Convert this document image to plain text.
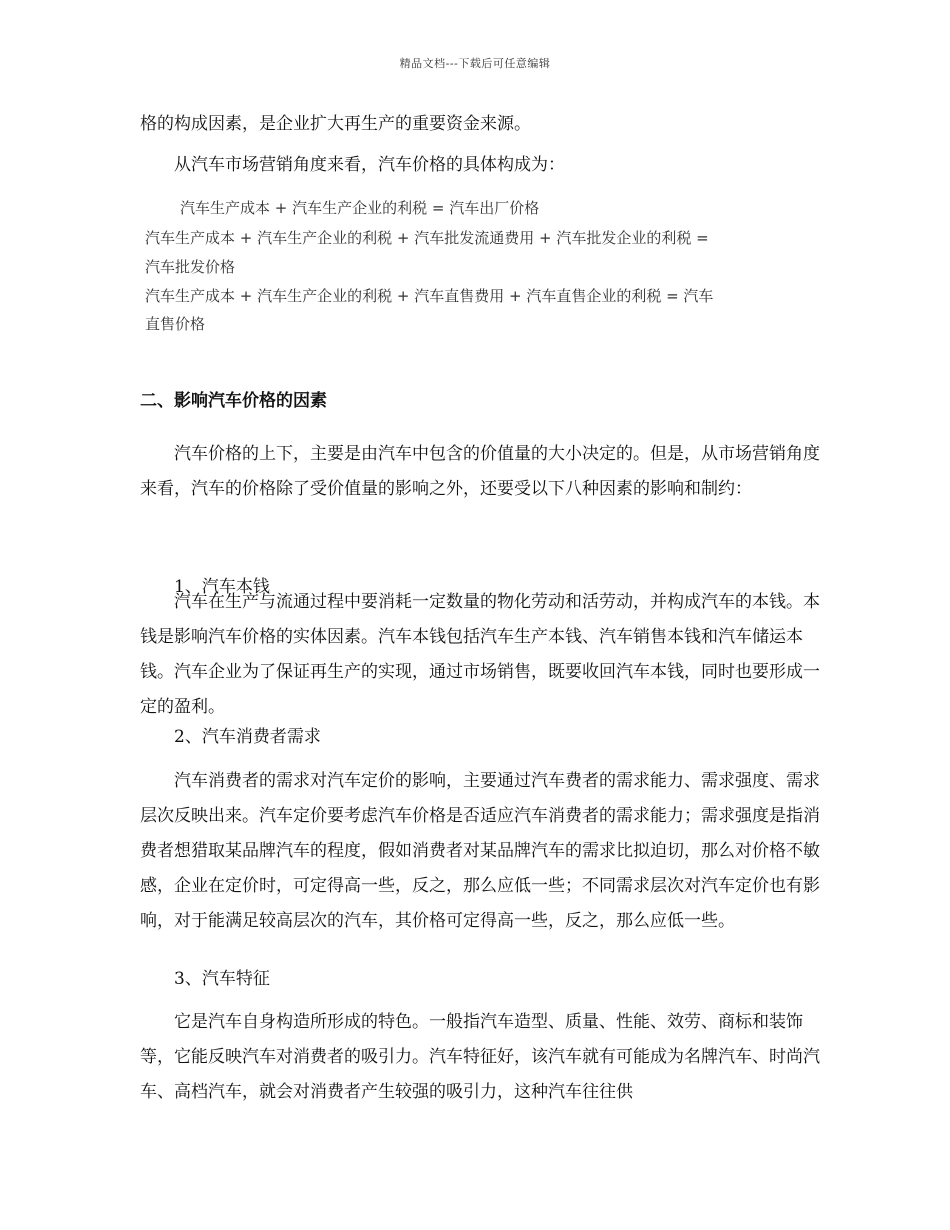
精品文档---下载后可任意编辑

格的构成因素，是企业扩大再生产的重要资金来源。

从汽车市场营销角度来看，汽车价格的具体构成为：

汽车生产成本 + 汽车生产企业的利税 = 汽车出厂价格
汽车生产成本 + 汽车生产企业的利税 + 汽车批发流通费用 + 汽车批发企业的利税 =
汽车批发价格
汽车生产成本 + 汽车生产企业的利税 + 汽车直售费用 + 汽车直售企业的利税 = 汽车
直售价格
二、影响汽车价格的因素

汽车价格的上下，主要是由汽车中包含的价值量的大小决定的。但是，从市场营销角度来看，汽车的价格除了受价值量的影响之外，还要受以下八种因素的影响和制约：

1、汽车本钱

汽车在生产与流通过程中要消耗一定数量的物化劳动和活劳动，并构成汽车的本钱。本钱是影响汽车价格的实体因素。汽车本钱包括汽车生产本钱、汽车销售本钱和汽车储运本钱。汽车企业为了保证再生产的实现，通过市场销售，既要收回汽车本钱，同时也要形成一定的盈利。

2、汽车消费者需求

汽车消费者的需求对汽车定价的影响，主要通过汽车费者的需求能力、需求强度、需求层次反映出来。汽车定价要考虑汽车价格是否适应汽车消费者的需求能力；需求强度是指消费者想猎取某品牌汽车的程度，假如消费者对某品牌汽车的需求比拟迫切，那么对价格不敏感，企业在定价时，可定得高一些，反之，那么应低一些；不同需求层次对汽车定价也有影响，对于能满足较高层次的汽车，其价格可定得高一些，反之，那么应低一些。

3、汽车特征

它是汽车自身构造所形成的特色。一般指汽车造型、质量、性能、效劳、商标和装饰等，它能反映汽车对消费者的吸引力。汽车特征好，该汽车就有可能成为名牌汽车、时尚汽车、高档汽车，就会对消费者产生较强的吸引力，这种汽车往往供
